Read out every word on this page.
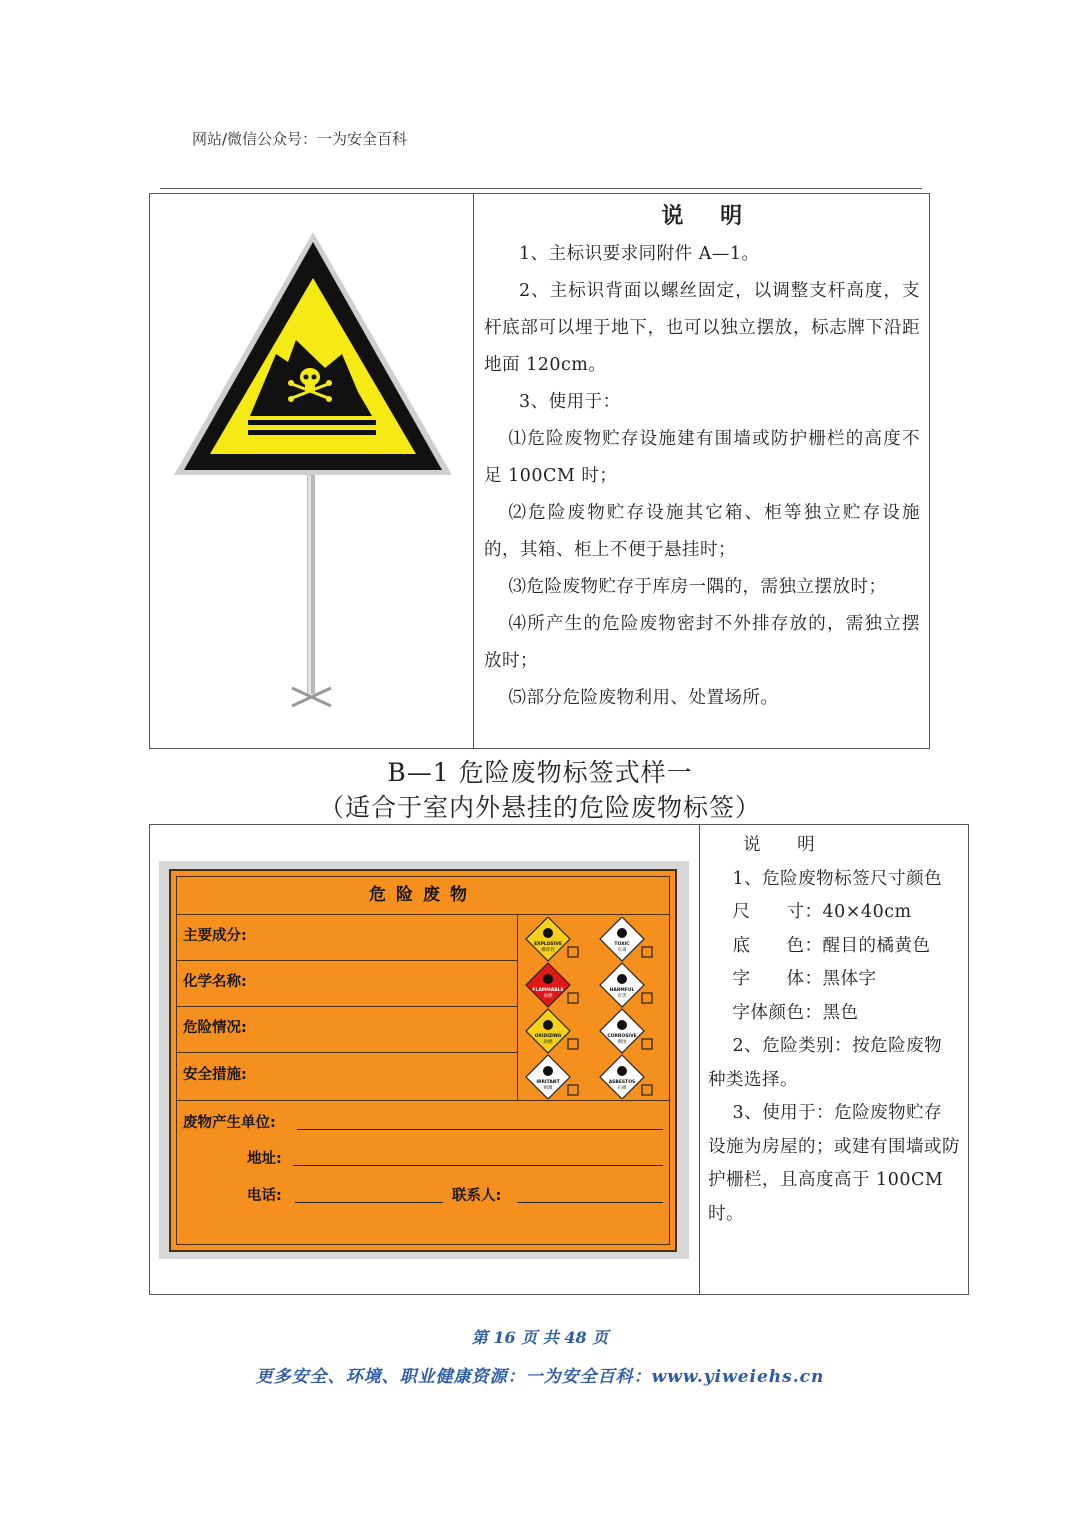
网站/微信公众号：一为安全百科
说 明

1、主标识要求同附件 A—1。

2、主标识背面以螺丝固定，以调整支杆高度，支杆底部可以埋于地下，也可以独立摆放，标志牌下沿距地面 120cm。

3、使用于：

⑴危险废物贮存设施建有围墙或防护栅栏的高度不足 100CM 时；

⑵危险废物贮存设施其它箱、柜等独立贮存设施的，其箱、柜上不便于悬挂时；

⑶危险废物贮存于库房一隅的，需独立摆放时；

⑷所产生的危险废物密封不外排存放的，需独立摆放时；

⑸部分危险废物利用、处置场所。

B—1 危险废物标签式样一
（适合于室内外悬挂的危险废物标签）
危险废物
主要成分:
化学名称:
危险情况:
安全措施:
废物产生单位:
地址:
电话:	联系人:
EXPLOSIVE
爆炸性
TOXIC
有毒
FLAMMABLE
易燃
HARMFUL
有害
OXIDIZING
助燃
CORROSIVE
腐蚀
IRRITANT
刺激
ASBESTOS
石棉

说 明

1、危险废物标签尺寸颜色

尺　　寸：40×40cm

底　　色：醒目的橘黄色

字　　体：黑体字

字体颜色：黑色

2、危险类别：按危险废物种类选择。

3、使用于：危险废物贮存设施为房屋的；或建有围墙或防护栅栏，且高度高于 100CM 时。

第 16 页 共 48 页
更多安全、环境、职业健康资源：一为安全百科：www.yiweiehs.cn
